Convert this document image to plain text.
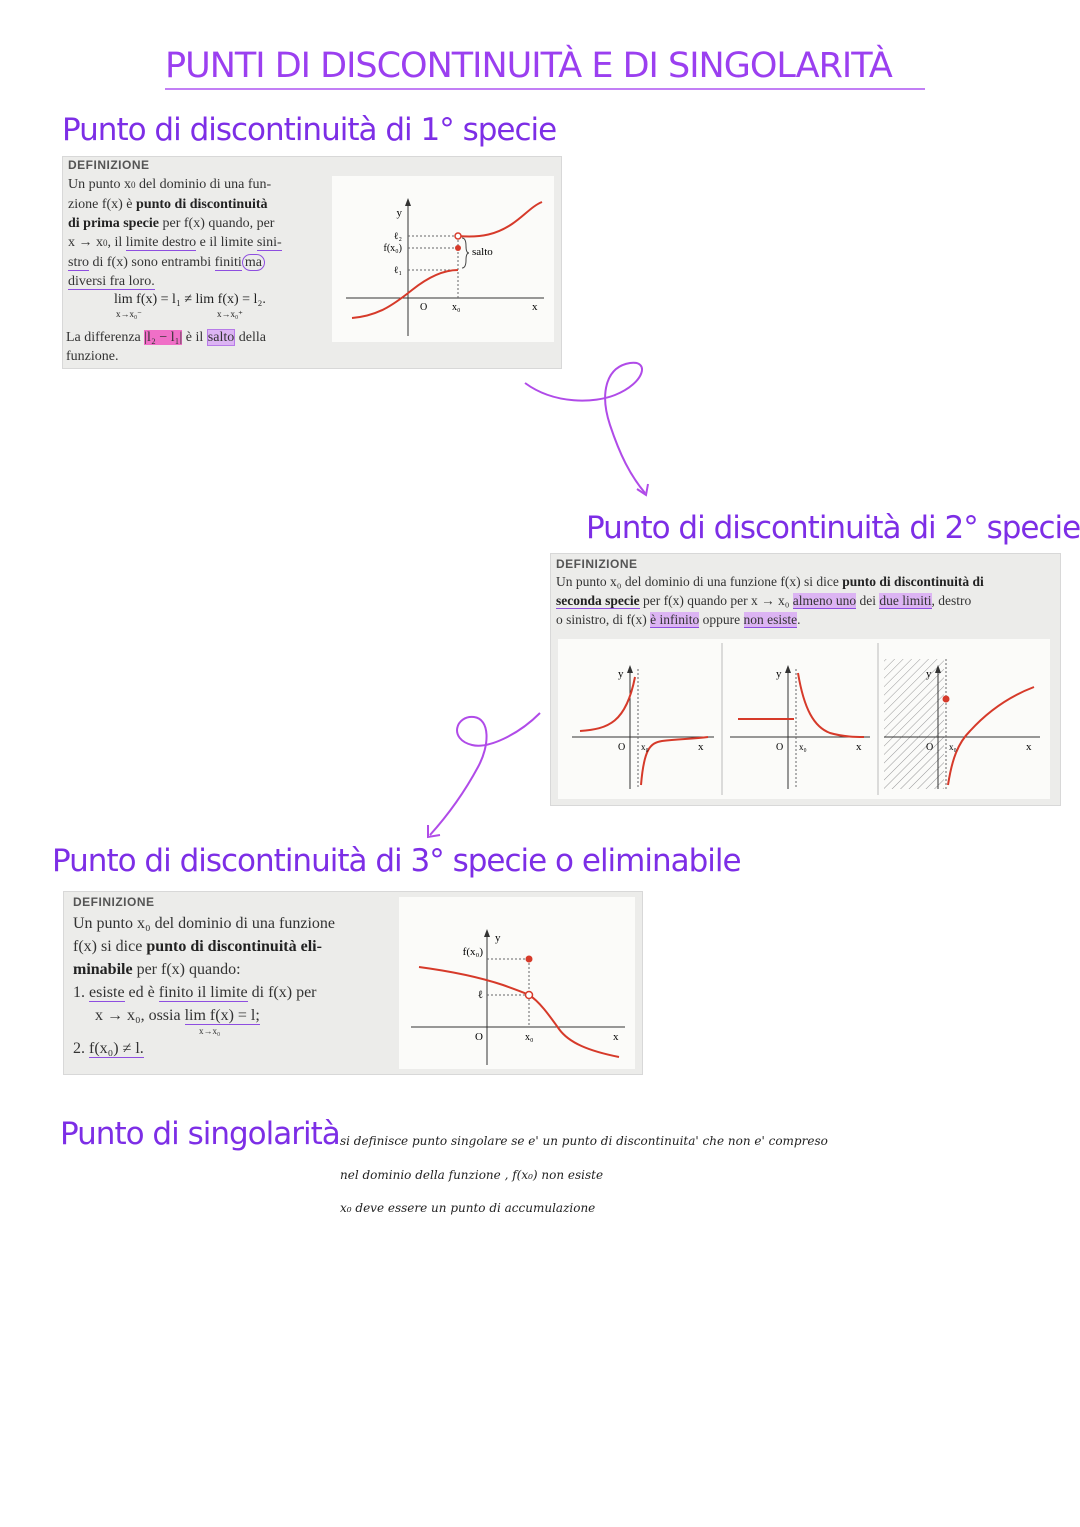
PUNTI DI DISCONTINUITÀ E DI SINGOLARITÀ
Punto di discontinuità di 1° specie
DEFINIZIONE
Un punto x0 del dominio di una fun-
zione f(x) è punto di discontinuità
di prima specie per f(x) quando, per
x → x0, il limite destro e il limite sini-
stro di f(x) sono entrambi finiti ma
diversi fra loro.
lim f(x) = l₁ ≠ lim f(x) = l₂.
x→x₀⁻	x→x₀⁺
La differenza |l₂ − l₁| è il salto della
funzione.
y
ℓ₂
f(x₀)
ℓ₁
O x₀	x
salto
Punto di discontinuità di 2° specie
DEFINIZIONE
Un punto x₀ del dominio di una funzione f(x) si dice punto di discontinuità di
seconda specie per f(x) quando per x → x₀ almeno uno dei due limiti, destro
o sinistro, di f(x) è infinito oppure non esiste.
y
O x₀	x
y
O x₀	x
y
O x₀	x
Punto di discontinuità di 3° specie o eliminabile
DEFINIZIONE
Un punto x₀ del dominio di una funzione
f(x) si dice punto di discontinuità eli-
minabile per f(x) quando:
1. esiste ed è finito il limite di f(x) per
x → x₀, ossia lim f(x) = l;
x→x₀
2. f(x₀) ≠ l.
y
f(x₀)
ℓ
O	x₀	x
Punto di singolarità si definisce punto singolare se e' un punto di discontinuita' che non e' compreso
nel dominio della funzione , f(x₀) non esiste
x₀ deve essere un punto di accumulazione
